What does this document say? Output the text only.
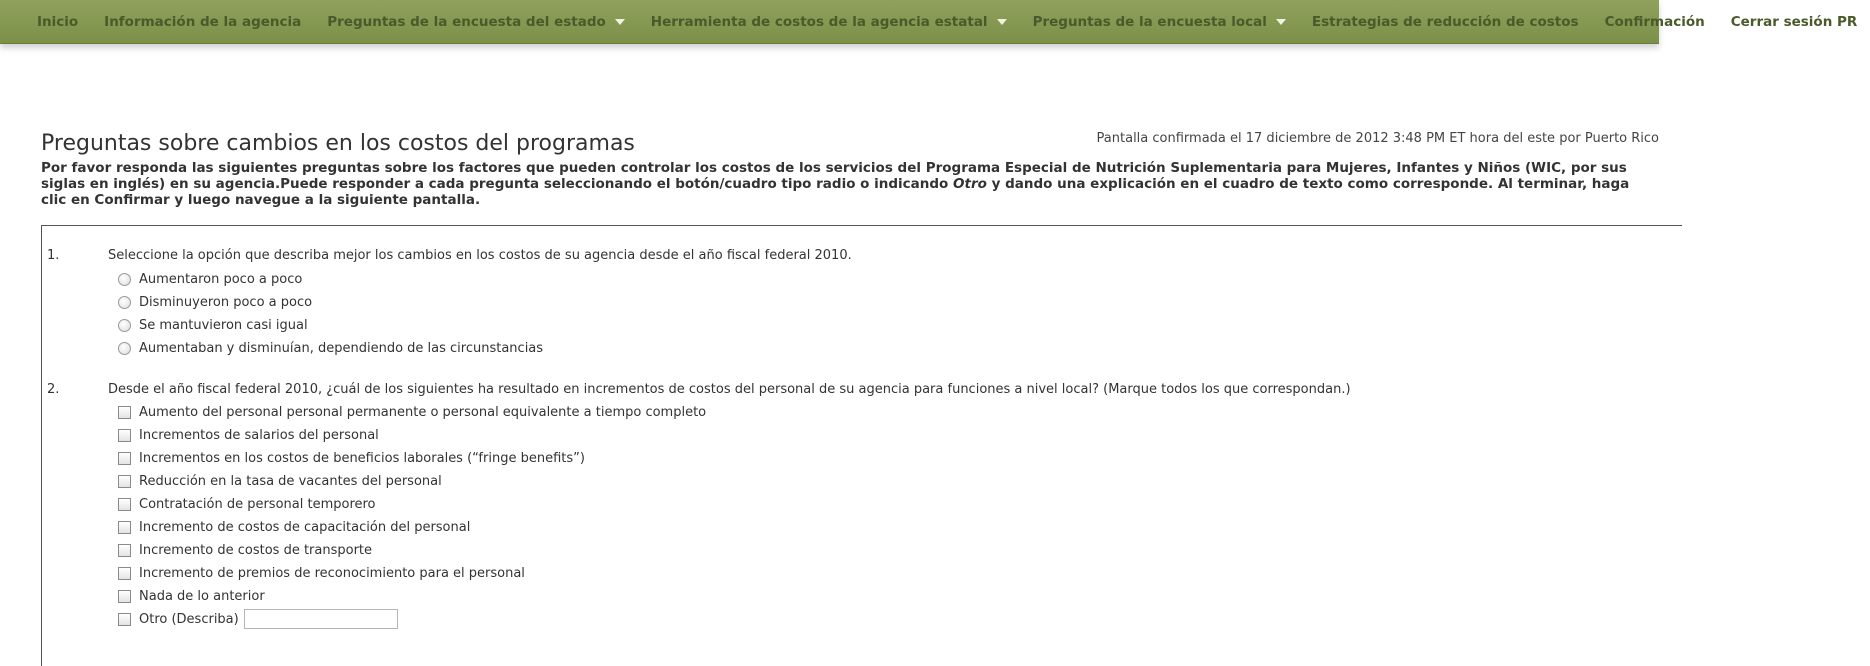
Inicio Información de la agencia Preguntas de la encuesta del estado	Herramienta de costos de la agencia estatal	Preguntas de la encuesta local	Estrategias de reducción de costos Confirmación Cerrar sesión PR
Preguntas sobre cambios en los costos del programas	Pantalla confirmada el 17 diciembre de 2012 3:48 PM ET hora del este por Puerto Rico

Por favor responda las siguientes preguntas sobre los factores que pueden controlar los costos de los servicios del Programa Especial de Nutrición Suplementaria para Mujeres, Infantes y Niños (WIC, por sus siglas en inglés) en su agencia.Puede responder a cada pregunta seleccionando el botón/cuadro tipo radio o indicando Otro y dando una explicación en el cuadro de texto como corresponde. Al terminar, haga clic en Confirmar y luego navegue a la siguiente pantalla.

1.	Seleccione la opción que describa mejor los cambios en los costos de su agencia desde el año fiscal federal 2010.
Aumentaron poco a poco
Disminuyeron poco a poco
Se mantuvieron casi igual
Aumentaban y disminuían, dependiendo de las circunstancias
2.	Desde el año fiscal federal 2010, ¿cuál de los siguientes ha resultado en incrementos de costos del personal de su agencia para funciones a nivel local? (Marque todos los que correspondan.)
Aumento del personal personal permanente o personal equivalente a tiempo completo
Incrementos de salarios del personal
Incrementos en los costos de beneficios laborales (“fringe benefits”)
Reducción en la tasa de vacantes del personal
Contratación de personal temporero
Incremento de costos de capacitación del personal
Incremento de costos de transporte
Incremento de premios de reconocimiento para el personal
Nada de lo anterior
Otro (Describa)
